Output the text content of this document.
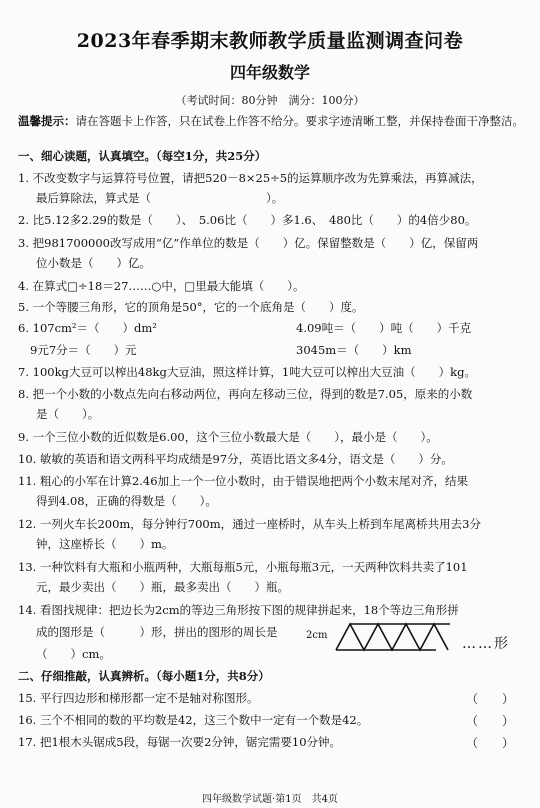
2023年春季期末教师教学质量监测调查问卷
四年级数学
（考试时间：80分钟　满分：100分）
温馨提示：请在答题卡上作答，只在试卷上作答不给分。要求字迹清晰工整，并保持卷面干净整洁。
一、细心读题，认真填空。（每空1分，共25分）
1. 不改变数字与运算符号位置，请把520－8×25÷5的运算顺序改为先算乘法，再算减法，
最后算除法，算式是（　　　　　　　　　　）。
2. 比5.12多2.29的数是（　　）、　5.06比（　　）多1.6、　480比（　　）的4倍少80。
3. 把981700000改写成用“亿”作单位的数是（　　）亿。保留整数是（　　）亿，保留两
位小数是（　　）亿。
4. 在算式□÷18＝27……○中，□里最大能填（　　）。
5. 一个等腰三角形，它的顶角是50°，它的一个底角是（　　）度。
6. 107cm²＝（　　）dm²	4.09吨＝（　　）吨（　　）千克
9元7分＝（　　）元	3045m＝（　　）km
7. 100kg大豆可以榨出48kg大豆油，照这样计算，1吨大豆可以榨出大豆油（　　）kg。
8. 把一个小数的小数点先向右移动两位，再向左移动三位，得到的数是7.05，原来的小数
是（　　）。
9. 一个三位小数的近似数是6.00，这个三位小数最大是（　　），最小是（　　）。
10. 敏敏的英语和语文两科平均成绩是97分，英语比语文多4分，语文是（　　）分。
11. 粗心的小军在计算2.46加上一个一位小数时，由于错误地把两个小数末尾对齐，结果
得到4.08，正确的得数是（　　）。
12. 一列火车长200m，每分钟行700m，通过一座桥时，从车头上桥到车尾离桥共用去3分
钟，这座桥长（　　）m。
13. 一种饮料有大瓶和小瓶两种，大瓶每瓶5元，小瓶每瓶3元，一天两种饮料共卖了101
元，最少卖出（　　）瓶，最多卖出（　　）瓶。
14. 看图找规律：把边长为2cm的等边三角形按下图的规律拼起来，18个等边三角形拼
成的图形是（　　　）形，拼出的图形的周长是
（　　）cm。
2cm
……形
二、仔细推敲，认真辨析。（每小题1分，共8分）
15. 平行四边形和梯形都一定不是轴对称图形。	（　　）
16. 三个不相同的数的平均数是42，这三个数中一定有一个数是42。	（　　）
17. 把1根木头锯成5段，每锯一次要2分钟，锯完需要10分钟。	（　　）
四年级数学试题·第1页　共4页
